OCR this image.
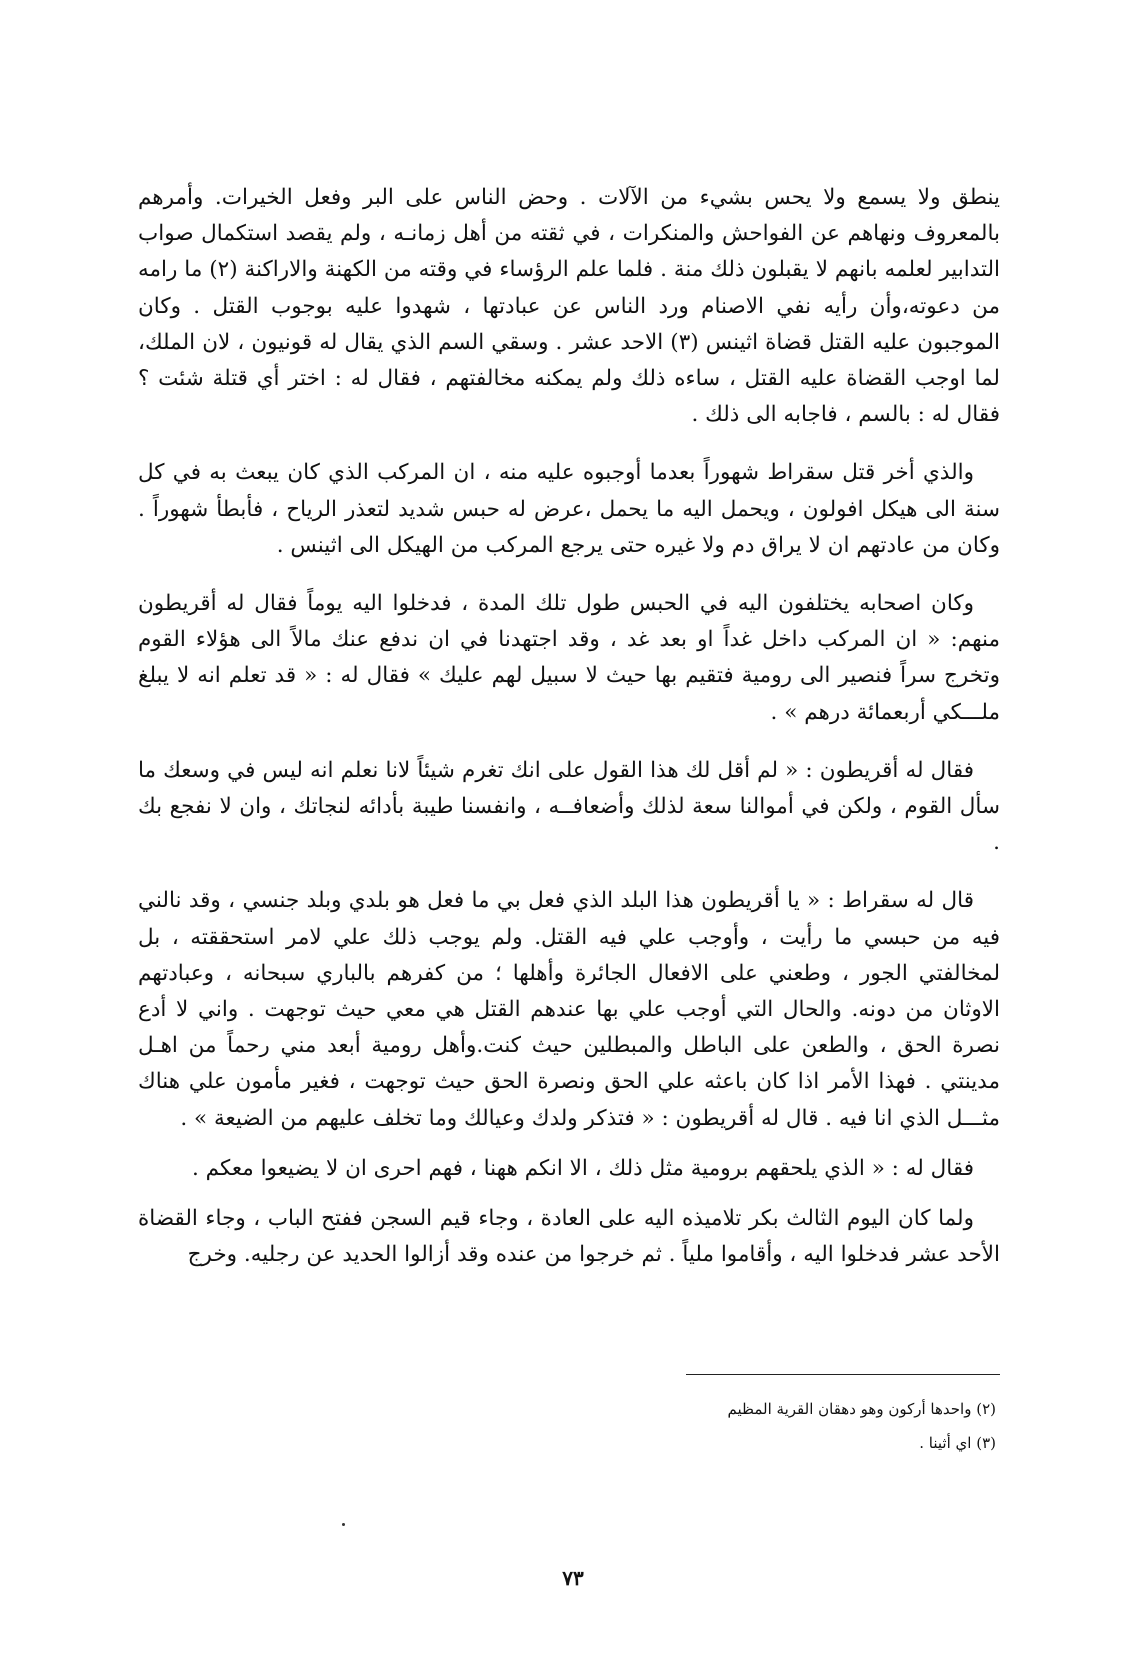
ينطق ولا يسمع ولا يحس بشيء من الآلات . وحض الناس على البر وفعل الخيرات. وأمرهم بالمعروف ونهاهم عن الفواحش والمنكرات ، في ثقته من أهل زمانـه ، ولم يقصد استكمال صواب التدابير لعلمه بانهم لا يقبلون ذلك منة . فلما علم الرؤساء في وقته من الكهنة والاراكنة (٢) ما رامه من دعوته،وأن رأيه نفي الاصنام ورد الناس عن عبادتها ، شهدوا عليه بوجوب القتل . وكان الموجبون عليه القتل قضاة اثينس (٣) الاحد عشر . وسقي السم الذي يقال له قونيون ، لان الملك، لما اوجب القضاة عليه القتل ، ساءه ذلك ولم يمكنه مخالفتهم ، فقال له : اختر أي قتلة شئت ؟ فقال له : بالسم ، فاجابه الى ذلك .

والذي أخر قتل سقراط شهوراً بعدما أوجبوه عليه منه ، ان المركب الذي كان يبعث به في كل سنة الى هيكل افولون ، ويحمل اليه ما يحمل ،عرض له حبس شديد لتعذر الرياح ، فأبطأ شهوراً . وكان من عادتهم ان لا يراق دم ولا غيره حتى يرجع المركب من الهيكل الى اثينس .

وكان اصحابه يختلفون اليه في الحبس طول تلك المدة ، فدخلوا اليه يوماً فقال له أقريطون منهم: « ان المركب داخل غداً او بعد غد ، وقد اجتهدنا في ان ندفع عنك مالاً الى هؤلاء القوم وتخرج سراً فنصير الى رومية فتقيم بها حيث لا سبيل لهم عليك » فقال له : « قد تعلم انه لا يبلغ ملـــكي أربعمائة درهم » .

فقال له أقريطون : « لم أقل لك هذا القول على انك تغرم شيئاً لانا نعلم انه ليس في وسعك ما سأل القوم ، ولكن في أموالنا سعة لذلك وأضعافــه ، وانفسنا طيبة بأدائه لنجاتك ، وان لا نفجع بك .

قال له سقراط : « يا أقريطون هذا البلد الذي فعل بي ما فعل هو بلدي وبلد جنسي ، وقد نالني فيه من حبسي ما رأيت ، وأوجب علي فيه القتل. ولم يوجب ذلك علي لامر استحققته ، بل لمخالفتي الجور ، وطعني على الافعال الجائرة وأهلها ؛ من كفرهم بالباري سبحانه ، وعبادتهم الاوثان من دونه. والحال التي أوجب علي بها عندهم القتل هي معي حيث توجهت . واني لا أدع نصرة الحق ، والطعن على الباطل والمبطلين حيث كنت.وأهل رومية أبعد مني رحماً من اهـل مدينتي . فهذا الأمر اذا كان باعثه علي الحق ونصرة الحق حيث توجهت ، فغير مأمون علي هناك مثـــل الذي انا فيه . قال له أقريطون : « فتذكر ولدك وعيالك وما تخلف عليهم من الضيعة » .

فقال له : « الذي يلحقهم برومية مثل ذلك ، الا انكم ههنا ، فهم احرى ان لا يضيعوا معكم .

ولما كان اليوم الثالث بكر تلاميذه اليه على العادة ، وجاء قيم السجن ففتح الباب ، وجاء القضاة الأحد عشر فدخلوا اليه ، وأقاموا ملياً . ثم خرجوا من عنده وقد أزالوا الحديد عن رجليه. وخرج

(٢) واحدها أركون وهو دهقان القرية المظيم

(٣) اي أثينا .

٧٣
